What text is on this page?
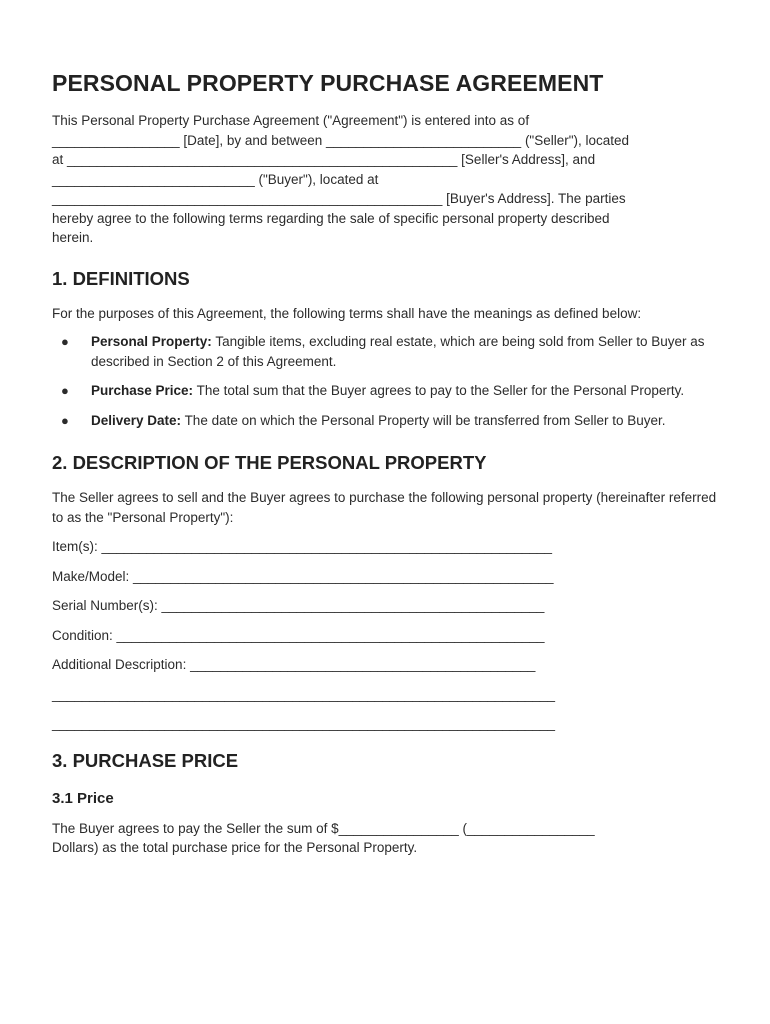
PERSONAL PROPERTY PURCHASE AGREEMENT

This Personal Property Purchase Agreement ("Agreement") is entered into as of

_________________ [Date], by and between __________________________ ("Seller"), located

at ____________________________________________________ [Seller's Address], and

___________________________ ("Buyer"), located at

____________________________________________________ [Buyer's Address]. The parties

hereby agree to the following terms regarding the sale of specific personal property described

herein.

1. DEFINITIONS

For the purposes of this Agreement, the following terms shall have the meanings as defined below:

● Personal Property: Tangible items, excluding real estate, which are being sold from Seller to Buyer as described in Section 2 of this Agreement.
● Purchase Price: The total sum that the Buyer agrees to pay to the Seller for the Personal Property.
● Delivery Date: The date on which the Personal Property will be transferred from Seller to Buyer.
2. DESCRIPTION OF THE PERSONAL PROPERTY

The Seller agrees to sell and the Buyer agrees to purchase the following personal property (hereinafter referred to as the "Personal Property"):

Item(s): ____________________________________________________________

Make/Model: ________________________________________________________

Serial Number(s): ___________________________________________________

Condition: _________________________________________________________

Additional Description: ______________________________________________

___________________________________________________________________

___________________________________________________________________

3. PURCHASE PRICE
3.1 Price

The Buyer agrees to pay the Seller the sum of $________________ (_________________

Dollars) as the total purchase price for the Personal Property.
